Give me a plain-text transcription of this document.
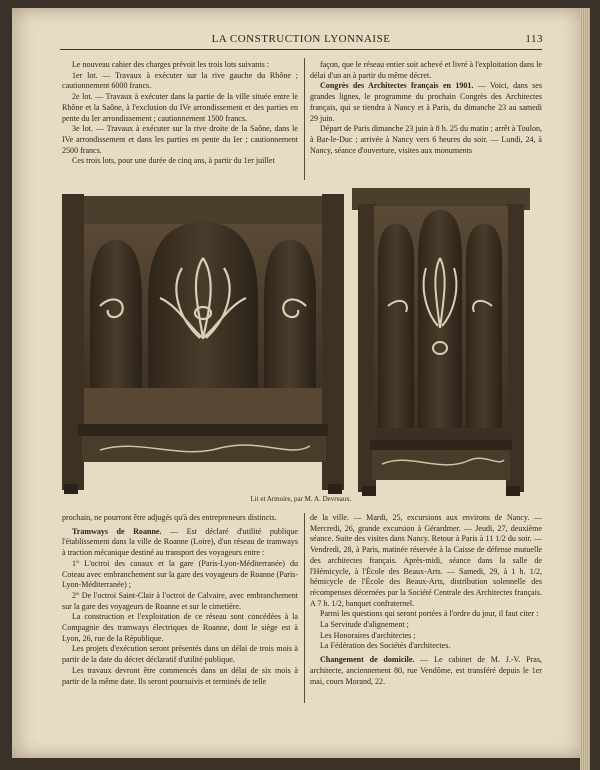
LA CONSTRUCTION LYONNAISE	113

Le nouveau cahier des charges prévoit les trois lots suivants :

1er lot. — Travaux à exécuter sur la rive gauche du Rhône ; cautionnement 6000 francs.

2e lot. — Travaux à exécuter dans la partie de la ville située entre le Rhône et la Saône, à l'exclusion du IVe arrondissement et des parties en pente du Ier arrondissement ; cautionnement 1500 francs.

3e lot. — Travaux à exécuter sur la rive droite de la Saône, dans le IVe arrondissement et dans les parties en pente du Ier ; cautionnement 2500 francs.

Ces trois lots, pour une durée de cinq ans, à partir du 1er juillet

façon, que le réseau entier soit achevé et livré à l'exploitation dans le délai d'un an à partir du même décret.

Congrès des Architectes français en 1901. — Voici, dans ses grandes lignes, le programme du prochain Congrès des Architectes français, qui se tiendra à Nancy et à Paris, du dimanche 23 au samedi 29 juin.

Départ de Paris dimanche 23 juin à 8 h. 25 du matin ; arrêt à Toulon, à Bar-le-Duc ; arrivée à Nancy vers 6 heures du soir. — Lundi, 24, à Nancy, séance d'ouverture, visites aux monuments

Lit et Armoire, par M. A. Devreaux.

prochain, ne pourront être adjugés qu'à des entrepreneurs distincts.

Tramways de Roanne. — Est déclaré d'utilité publique l'établissement dans la ville de Roanne (Loire), d'un réseau de tramways à traction mécanique destiné au transport des voyageurs entre :

1° L'octroi des canaux et la gare (Paris-Lyon-Méditerranée) du Coteau avec embranchement sur la gare des voyageurs de Roanne (Paris-Lyon-Méditerranée) ;

2° De l'octroi Saint-Clair à l'octroi de Calvaire, avec embranchement sur la gare des voyageurs de Roanne et sur le cimetière.

La construction et l'exploitation de ce réseau sont concédées à la Compagnie des tramways électriques de Roanne, dont le siège est à Lyon, 26, rue de la République.

Les projets d'exécution seront présentés dans un délai de trois mois à partir de la date du décret déclaratif d'utilité publique.

Les travaux devront être commencés dans un délai de six mois à partir de la même date. Ils seront poursuivis et terminés de telle

de la ville. — Mardi, 25, excursions aux environs de Nancy. — Mercredi, 26, grande excursion à Gérardmer. — Jeudi, 27, deuxième séance. Suite des visites dans Nancy. Retour à Paris à 11 1/2 du soir. — Vendredi, 28, à Paris, matinée réservée à la Caisse de défense mutuelle des architectes français. Après-midi, séance dans la salle de l'Hémicycle, à l'École des Beaux-Arts. — Samedi, 29, à 1 h. 1/2, hémicycle de l'École des Beaux-Arts, distribution solennelle des récompenses décernées par la Société Centrale des Architectes français. A 7 h. 1/2, banquet confraternel.

Parmi les questions qui seront portées à l'ordre du jour, il faut citer :

La Servitude d'alignement ;
Les Honoraires d'architectes ;
La Fédération des Sociétés d'architectes.

Changement de domicile. — Le cabinet de M. J.-V. Pras, architecte, anciennement 80, rue Vendôme, est transféré depuis le 1er mai, cours Morand, 22.
